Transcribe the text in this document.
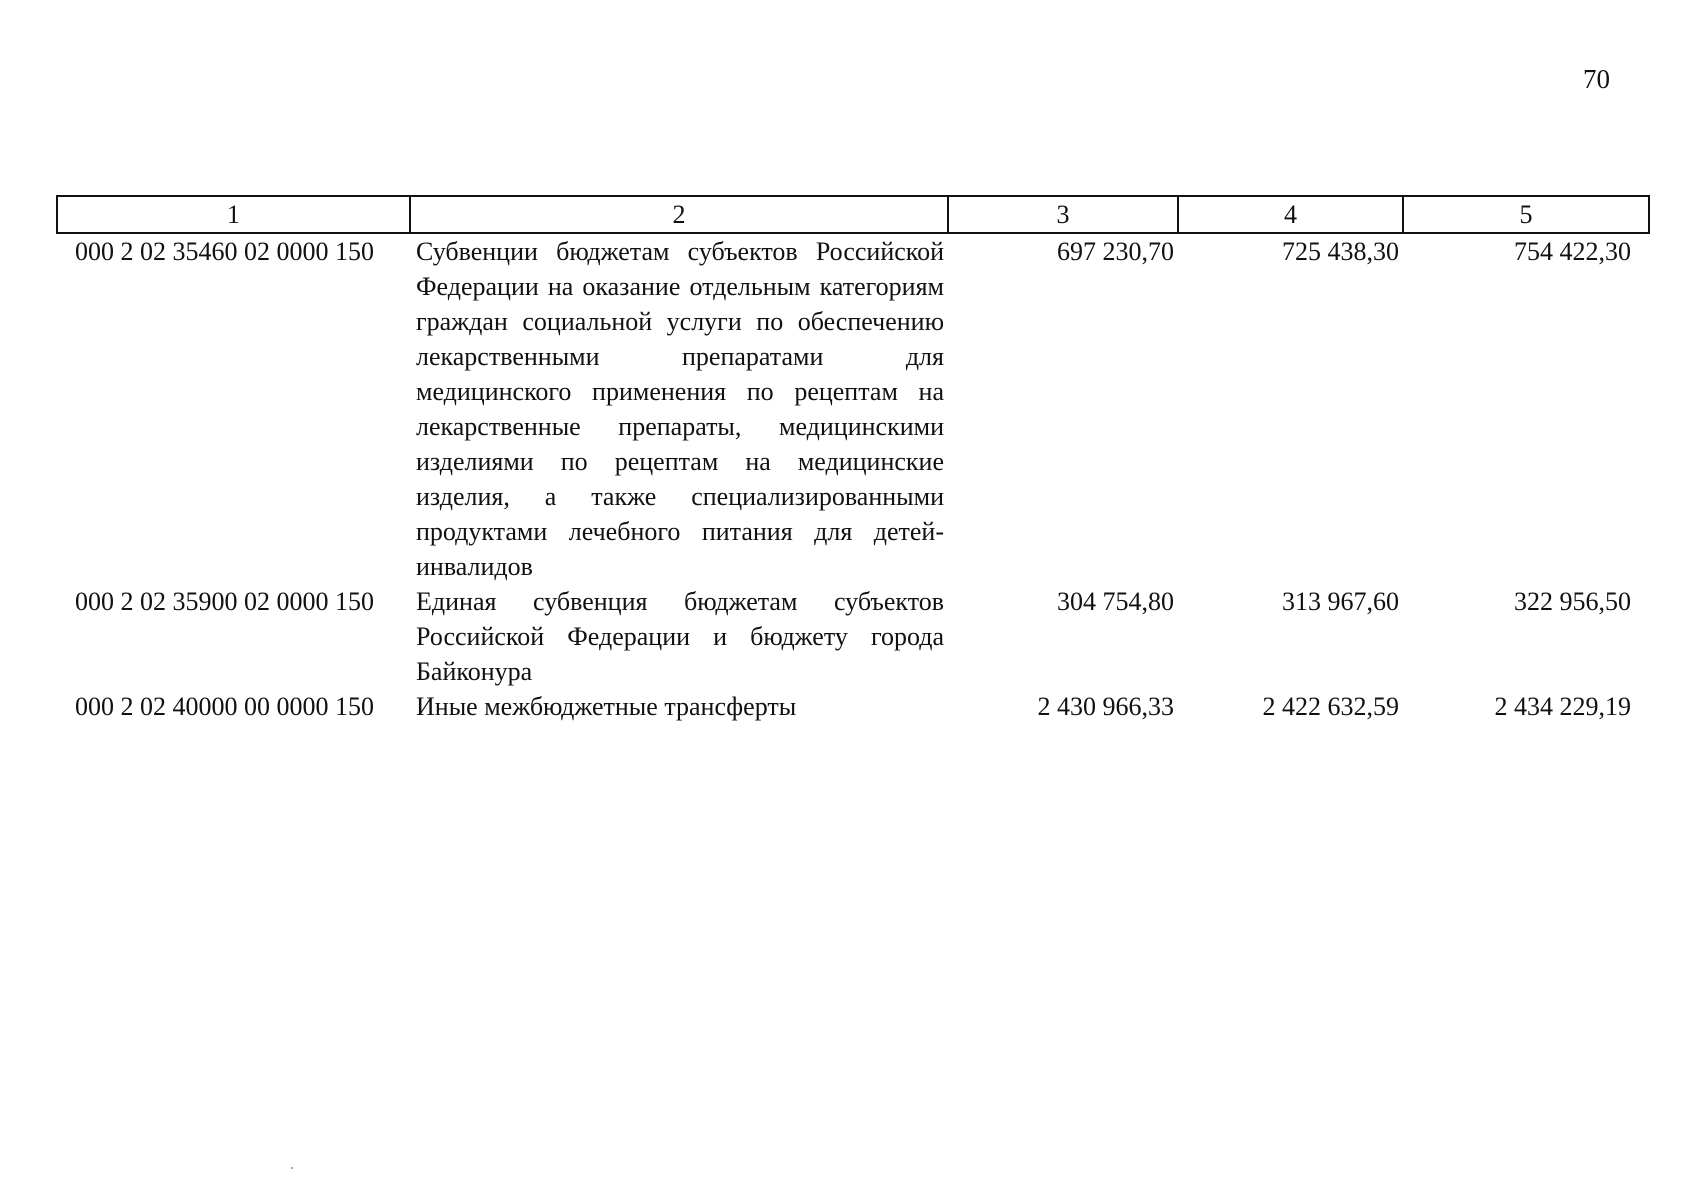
70
1	2	3	4	5
000 2 02 35460 02 0000 150	Субвенции бюджетам субъектов Российской Федерации на оказание отдельным категориям граждан социальной услуги по обеспечению лекарственными препаратами для медицинского применения по рецептам на лекарственные препараты, медицинскими изделиями по рецептам на медицинские изделия, а также специализированными продуктами лечебного питания для детей-инвалидов	697 230,70	725 438,30	754 422,30
000 2 02 35900 02 0000 150	Единая субвенция бюджетам субъектов Российской Федерации и бюджету города Байконура	304 754,80	313 967,60	322 956,50
000 2 02 40000 00 0000 150	Иные межбюджетные трансферты	2 430 966,33	2 422 632,59	2 434 229,19
